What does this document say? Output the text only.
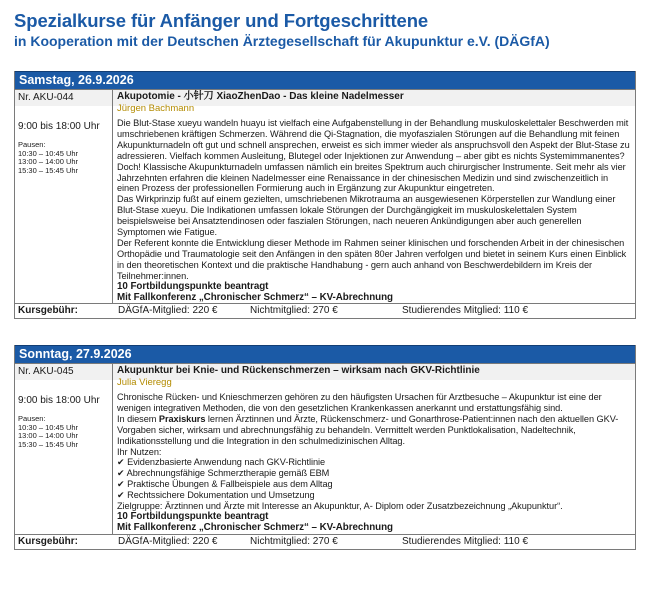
Spezialkurse für Anfänger und Fortgeschrittene
in Kooperation mit der Deutschen Ärztegesellschaft für Akupunktur e.V. (DÄGfA)
Samstag, 26.9.2026
Nr. AKU-044	Akupotomie - 小针刀 XiaoZhenDao - Das kleine Nadelmesser
9:00 bis 18:00 Uhr
Pausen:
10:30 – 10:45 Uhr
13:00 – 14:00 Uhr
15:30 – 15:45 Uhr
Jürgen Bachmann

Die Blut-Stase xueyu wandeln huayu ist vielfach eine Aufgabenstellung in der Behandlung muskuloskelettaler Beschwerden mit umschriebenen kräftigen Schmerzen. Während die Qi-Stagnation, die myofaszialen Störungen auf die Behandlung mit feinen Akupunkturnadeln oft gut und schnell ansprechen, erweist es sich immer wieder als anspruchsvoll den Aspekt der Blut-Stase zu adressieren. Vielfach kommen Ausleitung, Blutegel oder Injektionen zur Anwendung – aber gibt es nichts Systemimmanentes?

Doch! Klassische Akupunkturnadeln umfassen nämlich ein breites Spektrum auch chirurgischer Instrumente. Seit mehr als vier Jahrzehnten erfahren die kleinen Nadelmesser eine Renaissance in der chinesischen Medizin und sind zwischenzeitlich in einen Prozess der professionellen Formierung auch in Ergänzung zur Akupunktur eingetreten.

Das Wirkprinzip fußt auf einem gezielten, umschriebenen Mikrotrauma an ausgewiesenen Körperstellen zur Wandlung einer Blut-Stase xueyu. Die Indikationen umfassen lokale Störungen der Durchgängigkeit im muskuloskelettalen System beispielsweise bei Ansatztendinosen oder faszialen Störungen, nach neueren Ankündigungen aber auch generellen Symptomen wie Fatigue.

Der Referent konnte die Entwicklung dieser Methode im Rahmen seiner klinischen und forschenden Arbeit in der chinesischen Orthopädie und Traumatologie seit den Anfängen in den späten 80er Jahren verfolgen und bietet in seinem Kurs einen Einblick in den theoretischen Kontext und die praktische Handhabung - gern auch anhand von Beschwerdebildern im Kreis der Teilnehmer:innen.

10 Fortbildungspunkte beantragt

Mit Fallkonferenz „Chronischer Schmerz“ – KV-Abrechnung

Kursgebühr:	DÄGfA-Mitglied: 220 €	Nichtmitglied: 270 €	Studierendes Mitglied: 110 €
Sonntag, 27.9.2026
Nr. AKU-045	Akupunktur bei Knie- und Rückenschmerzen – wirksam nach GKV-Richtlinie
9:00 bis 18:00 Uhr
Pausen:
10:30 – 10:45 Uhr
13:00 – 14:00 Uhr
15:30 – 15:45 Uhr
Julia Vieregg

Chronische Rücken- und Knieschmerzen gehören zu den häufigsten Ursachen für Arztbesuche – Akupunktur ist eine der wenigen integrativen Methoden, die von den gesetzlichen Krankenkassen anerkannt und erstattungsfähig sind.

In diesem Praxiskurs lernen Ärztinnen und Ärzte, Rückenschmerz- und Gonarthrose-Patient:innen nach den aktuellen GKV-Vorgaben sicher, wirksam und abrechnungsfähig zu behandeln. Vermittelt werden Punktlokalisation, Nadeltechnik, Indikationsstellung und die Integration in den schulmedizinischen Alltag.

Ihr Nutzen:

✔ Evidenzbasierte Anwendung nach GKV-Richtlinie

✔ Abrechnungsfähige Schmerztherapie gemäß EBM

✔ Praktische Übungen & Fallbeispiele aus dem Alltag

✔ Rechtssichere Dokumentation und Umsetzung

Zielgruppe: Ärztinnen und Ärzte mit Interesse an Akupunktur, A- Diplom oder Zusatzbezeichnung „Akupunktur“.

10 Fortbildungspunkte beantragt

Mit Fallkonferenz „Chronischer Schmerz“ – KV-Abrechnung

Kursgebühr:	DÄGfA-Mitglied: 220 €	Nichtmitglied: 270 €	Studierendes Mitglied: 110 €
